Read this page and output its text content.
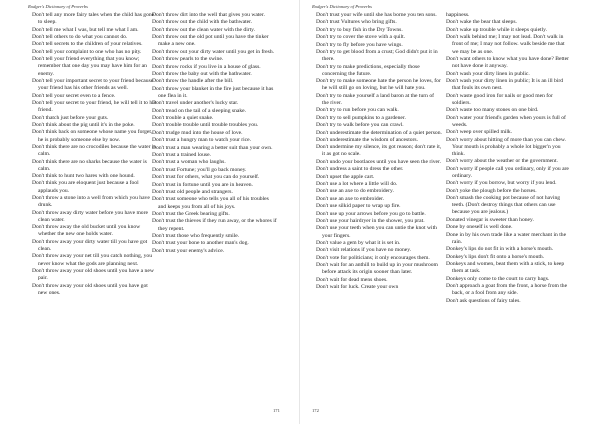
Rodger's Dictionary of Proverbs

Don't tell any more fairy tales when the child has gone to sleep.

Don't tell me what I was, but tell me what I am.

Don't tell others to do what you cannot do.

Don't tell secrets to the children of your relatives.

Don't tell your complaint to one who has no pity.

Don't tell your friend everything that you know; remember that one day you may have him for an enemy.

Don't tell your important secret to your friend because your friend has his other friends as well.

Don't tell your secret even to a fence.

Don't tell your secret to your friend, he will tell it to his friend.

Don't thatch just before your guts.

Don't think about the pig until it's in the poke.

Don't think back on someone whose name you forget, he is probably someone else by now.

Don't think there are no crocodiles because the water is calm.

Don't think there are no sharks because the water is calm.

Don't think to hunt two hares with one hound.

Don't think you are eloquent just because a fool applauds you.

Don't throw a stone into a well from which you have drunk.

Don't throw away dirty water before you have more clean water.

Don't throw away the old bucket until you know whether the new one holds water.

Don't throw away your dirty water till you have got clean.

Don't throw away your net till you catch nothing, you never know what the gods are planning next.

Don't throw away your old shoes until you have a new pair.

Don't throw away your old shoes until you have got new ones.

Don't throw dirt into the well that gives you water.

Don't throw out the child with the bathwater.

Don't throw out the clean water with the dirty.

Don't throw out the old pot until you have the tinker make a new one.

Don't throw out your dirty water until you get in fresh.

Don't throw pearls to the swine.

Don't throw rocks if you live in a house of glass.

Don't throw the baby out with the bathwater.

Don't throw the handle after the bill.

Don't throw your blanket in the fire just because it has one flea in it.

Don't travel under another's lucky star.

Don't tread on the tail of a sleeping snake.

Don't trouble a quiet snake.

Don't trouble trouble until trouble troubles you.

Don't trudge mud into the house of love.

Don't trust a hungry man to watch your rice.

Don't trust a man wearing a better suit than your own.

Don't trust a trained louse.

Don't trust a woman who laughs.

Don't trust Fortune; you'll go back money.

Don't trust for others, what you can do yourself.

Don't trust in fortune until you are in heaven.

Don't trust old people and strangers.

Don't trust someone who tells you all of his troubles and keeps you from all of his joys.

Don't trust the Greek bearing gifts.

Don't trust the thieves if they run away, or the whores if they repent.

Don't trust those who frequently smile.

Don't trust your bone to another man's dog.

Don't trust your enemy's advice.

171
Rodger's Dictionary of Proverbs

Don't trust your wife until she has borne you ten sons.

Don't trust Vultures who bring gifts.

Don't try to buy fish in the Dry Towns.

Don't try to cover the stove with a quilt.

Don't try to fly before you have wings.

Don't try to get blood from a crust; God didn't put it in there.

Don't try to make predictions, especially those concerning the future.

Don't try to make someone hate the person he loves, for he will still go on loving, but he will hate you.

Don't try to make yourself a land baron at the turn of the river.

Don't try to run before you can walk.

Don't try to sell pumpkins to a gardener.

Don't try to walk before you can crawl.

Don't underestimate the determination of a quiet person.

Don't underestimate the wisdom of ancestors.

Don't undermine my silence, its got reason; don't rate it, it as got no scale.

Don't undo your bootlaces until you have seen the river.

Don't undress a saint to dress the other.

Don't upset the apple cart.

Don't use a lot where a little will do.

Don't use an axe to do embroidery.

Don't use an axe to embroider.

Don't use silkid paper to wrap up fire.

Don't use up your arrows before you go to battle.

Don't use your hairdryer in the shower, you prat.

Don't use your teeth when you can untie the knot with your fingers.

Don't value a gem by what it is set in.

Don't visit relations if you have no money.

Don't vote for politicians; it only encourages them.

Don't wait for an anthill to build up in your mushroom before attack its origin sooner than later.

Don't wait for dead mens shoes.

Don't wait for luck. Create your own

happiness.

Don't wake the bear that sleeps.

Don't wake up trouble while it sleeps quietly.

Don't walk behind me; I may not lead. Don't walk in front of me; I may not follow. walk beside me that we may be as one.

Don't want others to know what you have done? Better not have done it anyway.

Don't wash your dirty linen in public.

Don't wash your dirty linen in public; It is an ill bird that fouls its own nest.

Don't waste good iron for nails or good men for soldiers.

Don't waste too many stones on one bird.

Don't water your friend's garden when yours is full of weeds.

Don't weep over spilled milk.

Don't worry about hitting of more than you can chew. Your mouth is probably a whole lot bigger'n you think.

Don't worry about the weather or the government.

Don't worry if people call you ordinary, only if you are ordinary.

Don't worry if you borrow, but worry if you lend.

Don't yoke the plough before the horses.

Don't smash the cooking pot because of not having teeth. (Don't destroy things that others can use because you are jealous.)

Donated vinegar is sweeter than honey.

Done by oneself is well done.

Done in by his own trade like a water merchant in the rain.

Donkey's lips do not fit in with a horse's mouth.

Donkey's lips don't fit onto a horse's mouth.

Donkeys and women, beat them with a stick, to keep them at task.

Donkeys only come to the court to carry bags.

Don't approach a goat from the front, a horse from the back, or a fool from any side.

Don't ask questions of fairy tales.

172
